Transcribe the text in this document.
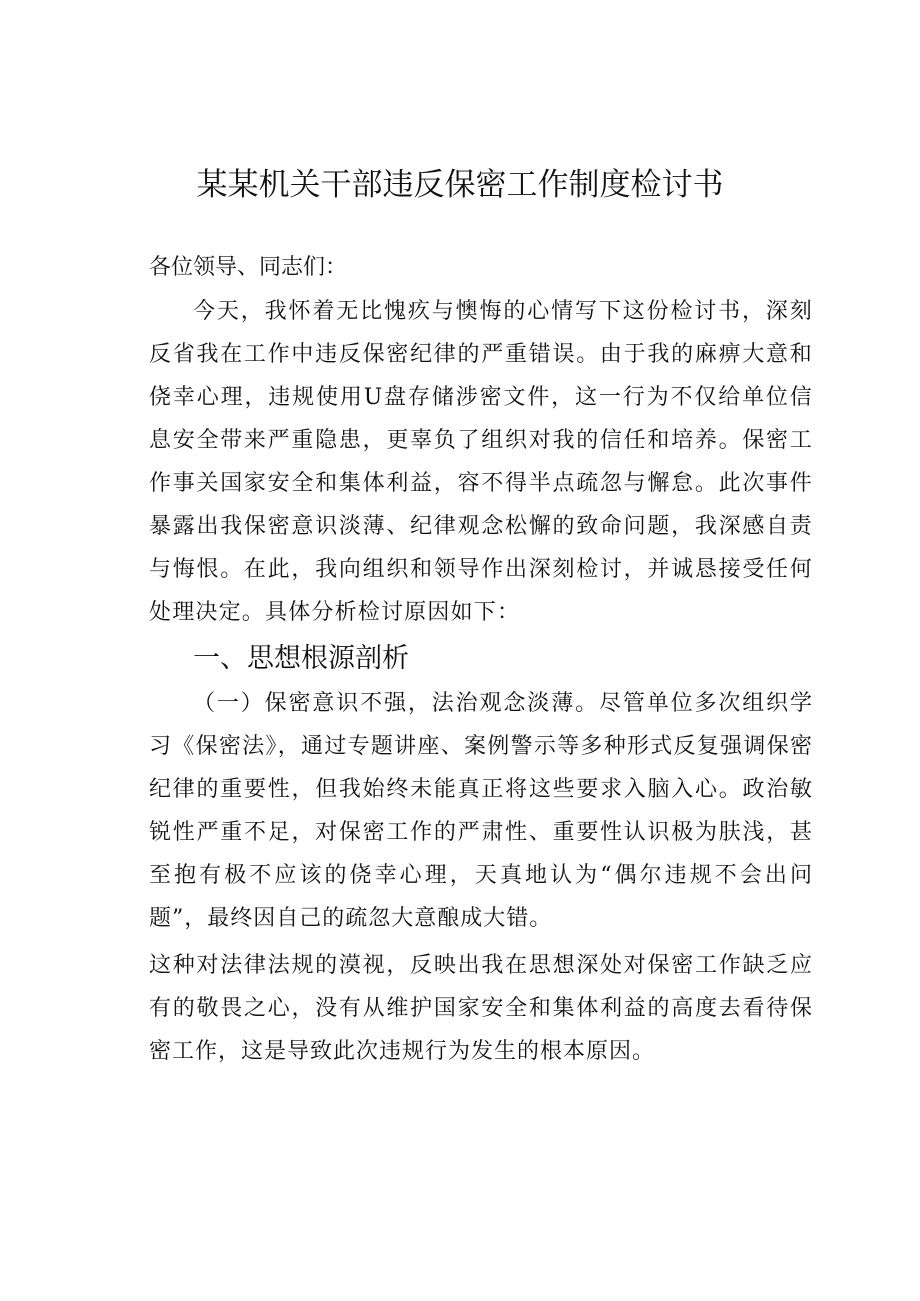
某某机关干部违反保密工作制度检讨书

各位领导、同志们：

今天，我怀着无比愧疚与懊悔的心情写下这份检讨书，深刻反省我在工作中违反保密纪律的严重错误。由于我的麻痹大意和侥幸心理，违规使用U盘存储涉密文件，这一行为不仅给单位信息安全带来严重隐患，更辜负了组织对我的信任和培养。保密工作事关国家安全和集体利益，容不得半点疏忽与懈怠。此次事件暴露出我保密意识淡薄、纪律观念松懈的致命问题，我深感自责与悔恨。在此，我向组织和领导作出深刻检讨，并诚恳接受任何处理决定。具体分析检讨原因如下：

一、思想根源剖析

（一）保密意识不强，法治观念淡薄。尽管单位多次组织学习《保密法》，通过专题讲座、案例警示等多种形式反复强调保密纪律的重要性，但我始终未能真正将这些要求入脑入心。政治敏锐性严重不足，对保密工作的严肃性、重要性认识极为肤浅，甚至抱有极不应该的侥幸心理，天真地认为“偶尔违规不会出问题”，最终因自己的疏忽大意酿成大错。

这种对法律法规的漠视，反映出我在思想深处对保密工作缺乏应有的敬畏之心，没有从维护国家安全和集体利益的高度去看待保密工作，这是导致此次违规行为发生的根本原因。
